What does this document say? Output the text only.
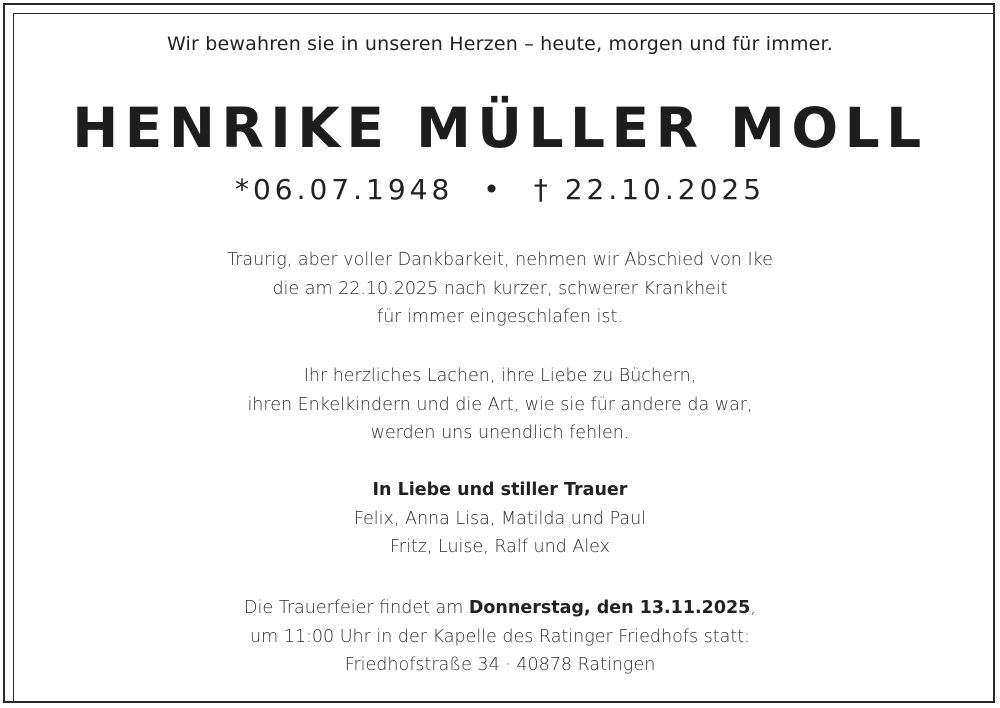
Wir bewahren sie in unseren Herzen – heute, morgen und für immer.
HENRIKE MÜLLER MOLL
*06.07.1948 • † 22.10.2025
Traurig, aber voller Dankbarkeit, nehmen wir Abschied von Ike
die am 22.10.2025 nach kurzer, schwerer Krankheit
für immer eingeschlafen ist.
Ihr herzliches Lachen, ihre Liebe zu Büchern,
ihren Enkelkindern und die Art, wie sie für andere da war,
werden uns unendlich fehlen.
In Liebe und stiller Trauer
Felix, Anna Lisa, Matilda und Paul
Fritz, Luise, Ralf und Alex
Die Trauerfeier findet am Donnerstag, den 13.11.2025,
um 11:00 Uhr in der Kapelle des Ratinger Friedhofs statt:
Friedhofstraße 34 · 40878 Ratingen
